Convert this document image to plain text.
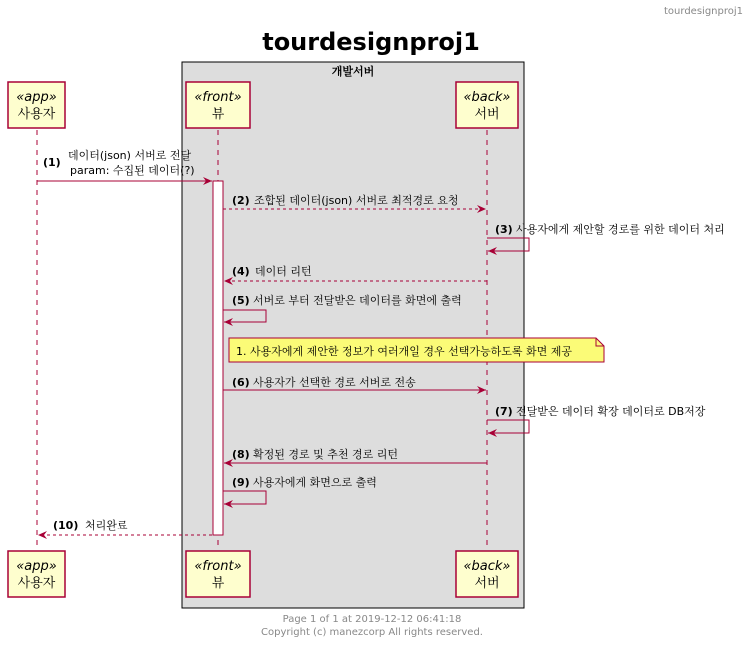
tourdesignproj1
tourdesignproj1
개발서버
«app»
사용자
«front»
뷰
«back»
서버
«app»
사용자
«front»
뷰
«back»
서버
(1)
데이터(json) 서버로 전달
param: 수집된 데이터(?)
(2) 조합된 데이터(json) 서버로 최적경로 요청
(3) 사용자에게 제안할 경로를 위한 데이터 처리
(4) 데이터 리턴
(5) 서버로 부터 전달받은 데이터를 화면에 출력
1. 사용자에게 제안한 정보가 여러개일 경우 선택가능하도록 화면 제공
(6) 사용자가 선택한 경로 서버로 전송
(7) 전달받은 데이터 확장 데이터로 DB저장
(8) 확정된 경로 및 추천 경로 리턴
(9) 사용자에게 화면으로 출력
(10) 처리완료
Page 1 of 1 at 2019-12-12 06:41:18
Copyright (c) manezcorp All rights reserved.
